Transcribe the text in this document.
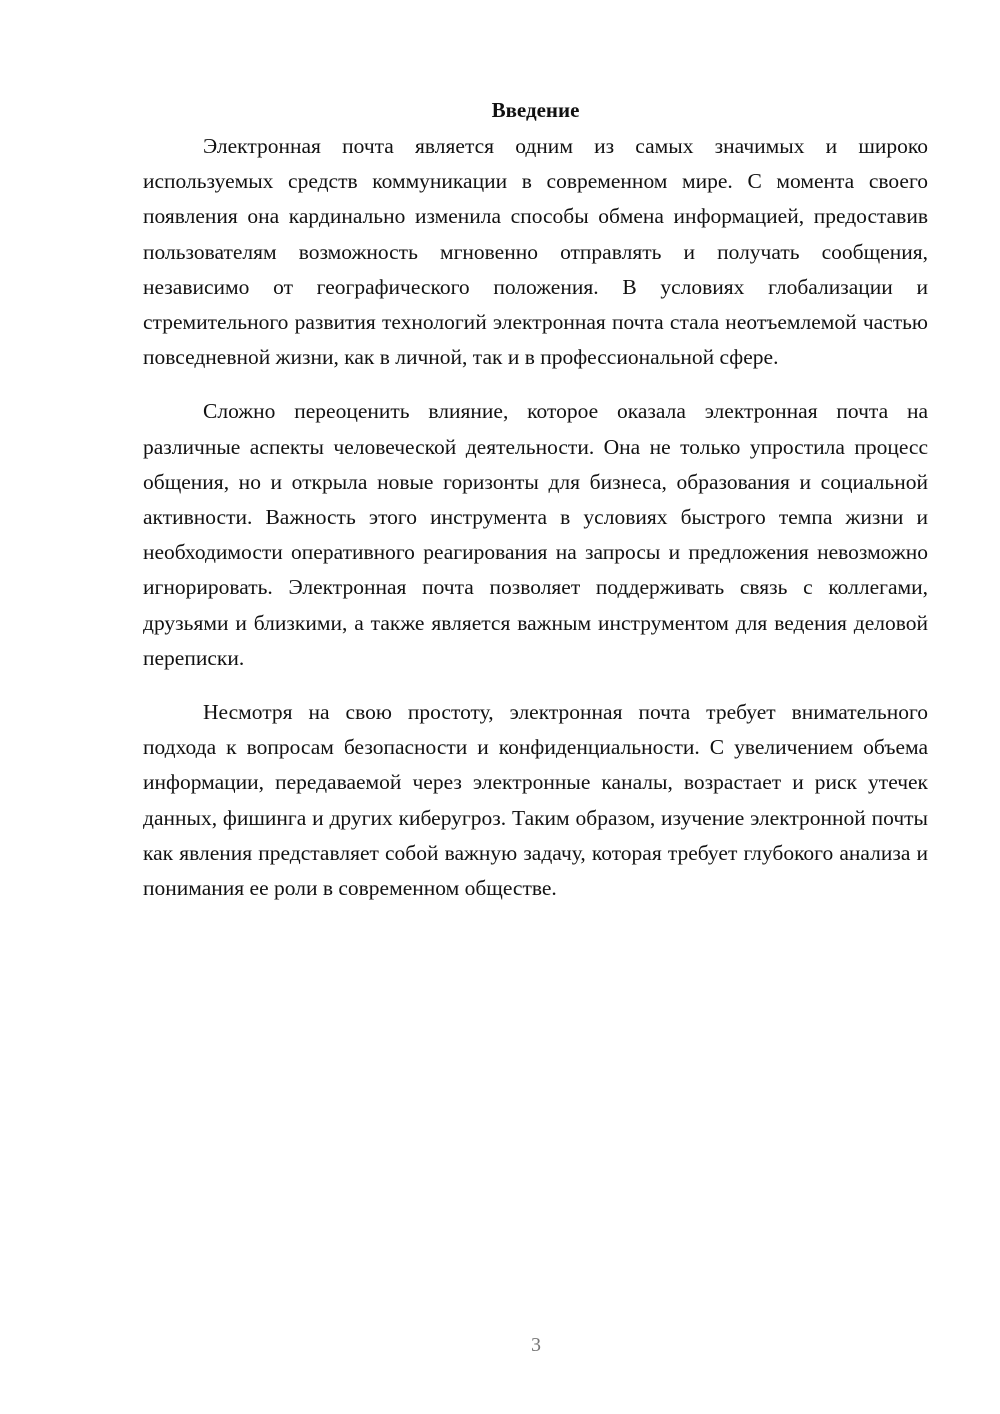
Введение

Электронная почта является одним из самых значимых и широко используемых средств коммуникации в современном мире. С момента своего появления она кардинально изменила способы обмена информацией, предоставив пользователям возможность мгновенно отправлять и получать сообщения, независимо от географического положения. В условиях глобализации и стремительного развития технологий электронная почта стала неотъемлемой частью повседневной жизни, как в личной, так и в профессиональной сфере.

Сложно переоценить влияние, которое оказала электронная почта на различные аспекты человеческой деятельности. Она не только упростила процесс общения, но и открыла новые горизонты для бизнеса, образования и социальной активности. Важность этого инструмента в условиях быстрого темпа жизни и необходимости оперативного реагирования на запросы и предложения невозможно игнорировать. Электронная почта позволяет поддерживать связь с коллегами, друзьями и близкими, а также является важным инструментом для ведения деловой переписки.

Несмотря на свою простоту, электронная почта требует внимательного подхода к вопросам безопасности и конфиденциальности. С увеличением объема информации, передаваемой через электронные каналы, возрастает и риск утечек данных, фишинга и других киберугроз. Таким образом, изучение электронной почты как явления представляет собой важную задачу, которая требует глубокого анализа и понимания ее роли в современном обществе.

3
